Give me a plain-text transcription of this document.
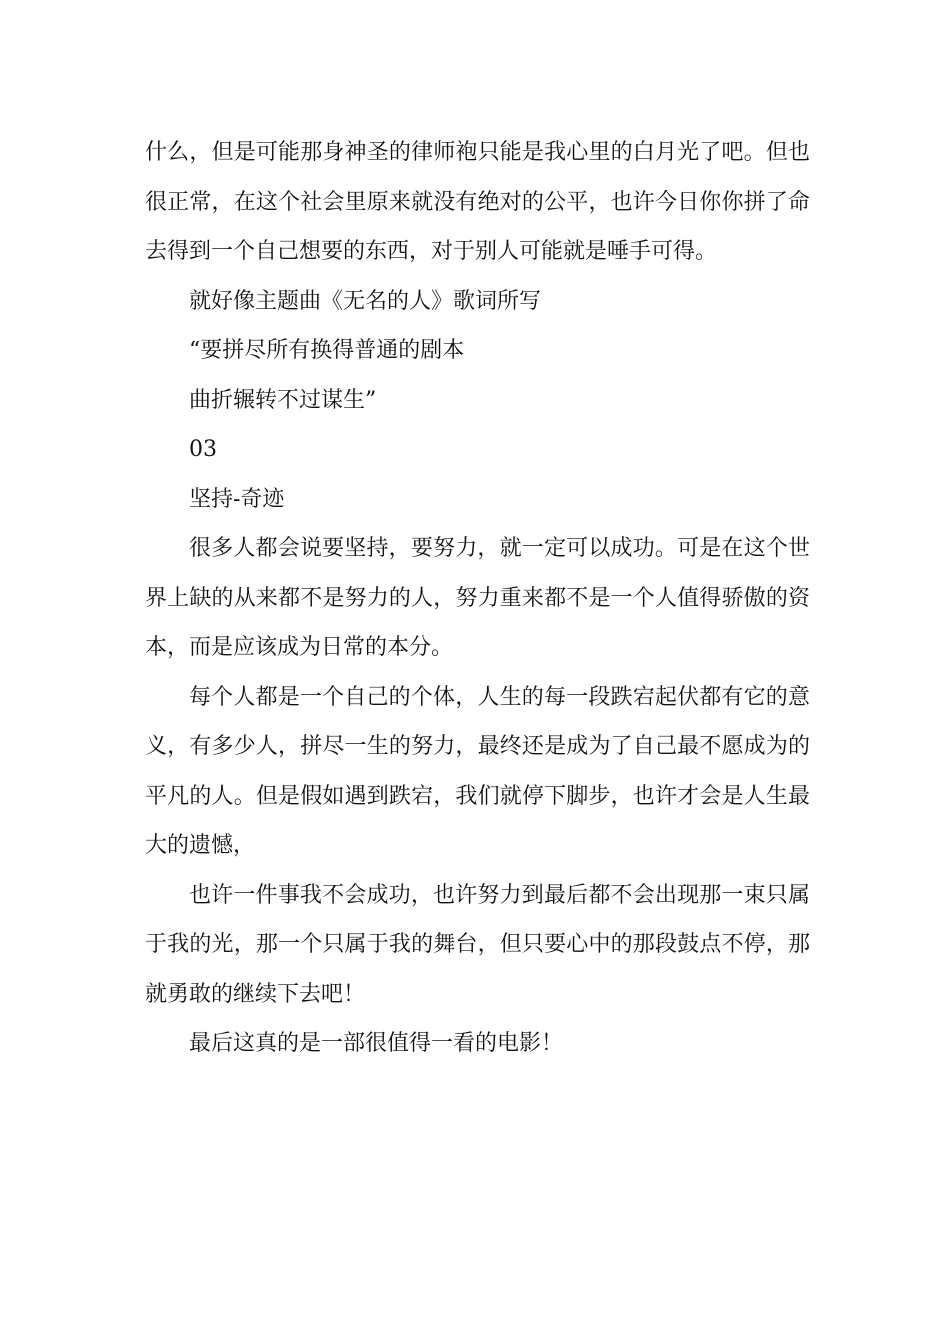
什么，但是可能那身神圣的律师袍只能是我心里的白月光了吧。但也很正常，在这个社会里原来就没有绝对的公平，也许今日你你拼了命去得到一个自己想要的东西，对于别人可能就是唾手可得。

就好像主题曲《无名的人》歌词所写

“要拼尽所有换得普通的剧本

曲折辗转不过谋生”

03

坚持-奇迹

很多人都会说要坚持，要努力，就一定可以成功。可是在这个世界上缺的从来都不是努力的人，努力重来都不是一个人值得骄傲的资本，而是应该成为日常的本分。

每个人都是一个自己的个体，人生的每一段跌宕起伏都有它的意义，有多少人，拼尽一生的努力，最终还是成为了自己最不愿成为的平凡的人。但是假如遇到跌宕，我们就停下脚步，也许才会是人生最大的遗憾，

也许一件事我不会成功，也许努力到最后都不会出现那一束只属于我的光，那一个只属于我的舞台，但只要心中的那段鼓点不停，那就勇敢的继续下去吧！

最后这真的是一部很值得一看的电影！
